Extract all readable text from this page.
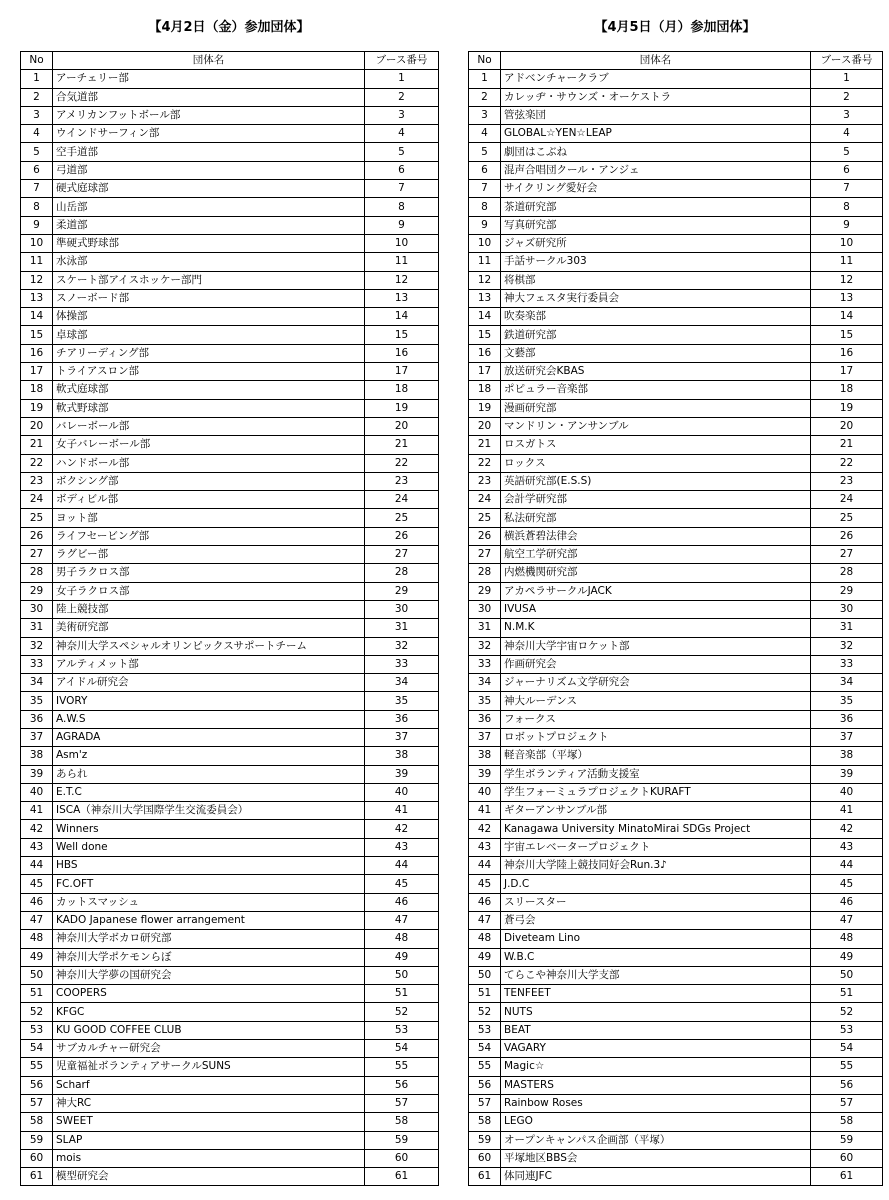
【4月2日（金）参加団体】
No	団体名	ブース番号
1	アーチェリー部	1
2	合気道部	2
3	アメリカンフットボール部	3
4	ウインドサーフィン部	4
5	空手道部	5
6	弓道部	6
7	硬式庭球部	7
8	山岳部	8
9	柔道部	9
10	準硬式野球部	10
11	水泳部	11
12	スケート部アイスホッケー部門	12
13	スノーボード部	13
14	体操部	14
15	卓球部	15
16	チアリーディング部	16
17	トライアスロン部	17
18	軟式庭球部	18
19	軟式野球部	19
20	バレーボール部	20
21	女子バレーボール部	21
22	ハンドボール部	22
23	ボクシング部	23
24	ボディビル部	24
25	ヨット部	25
26	ライフセービング部	26
27	ラグビー部	27
28	男子ラクロス部	28
29	女子ラクロス部	29
30	陸上競技部	30
31	美術研究部	31
32	神奈川大学スペシャルオリンピックスサポートチーム	32
33	アルティメット部	33
34	アイドル研究会	34
35	IVORY	35
36	A.W.S	36
37	AGRADA	37
38	Asm'z	38
39	あられ	39
40	E.T.C	40
41	ISCA（神奈川大学国際学生交流委員会）	41
42	Winners	42
43	Well done	43
44	HBS	44
45	FC.OFT	45
46	カットスマッシュ	46
47	KADO Japanese flower arrangement	47
48	神奈川大学ボカロ研究部	48
49	神奈川大学ポケモンらぼ	49
50	神奈川大学夢の国研究会	50
51	COOPERS	51
52	KFGC	52
53	KU GOOD COFFEE CLUB	53
54	サブカルチャー研究会	54
55	児童福祉ボランティアサークルSUNS	55
56	Scharf	56
57	神大RC	57
58	SWEET	58
59	SLAP	59
60	mois	60
61	模型研究会	61
【4月5日（月）参加団体】
No	団体名	ブース番号
1	アドベンチャークラブ	1
2	カレッヂ・サウンズ・オーケストラ	2
3	管弦楽団	3
4	GLOBAL☆YEN☆LEAP	4
5	劇団はこぶね	5
6	混声合唱団クール・アンジェ	6
7	サイクリング愛好会	7
8	茶道研究部	8
9	写真研究部	9
10	ジャズ研究所	10
11	手話サークル303	11
12	将棋部	12
13	神大フェスタ実行委員会	13
14	吹奏楽部	14
15	鉄道研究部	15
16	文藝部	16
17	放送研究会KBAS	17
18	ポピュラー音楽部	18
19	漫画研究部	19
20	マンドリン・アンサンブル	20
21	ロスガトス	21
22	ロックス	22
23	英語研究部(E.S.S)	23
24	会計学研究部	24
25	私法研究部	25
26	横浜蒼碧法律会	26
27	航空工学研究部	27
28	内燃機関研究部	28
29	アカペラサークルJACK	29
30	IVUSA	30
31	N.M.K	31
32	神奈川大学宇宙ロケット部	32
33	作画研究会	33
34	ジャーナリズム文学研究会	34
35	神大ルーデンス	35
36	フォークス	36
37	ロボットプロジェクト	37
38	軽音楽部（平塚）	38
39	学生ボランティア活動支援室	39
40	学生フォーミュラプロジェクトKURAFT	40
41	ギターアンサンブル部	41
42	Kanagawa University MinatoMirai SDGs Project	42
43	宇宙エレベータープロジェクト	43
44	神奈川大学陸上競技同好会Run.3♪	44
45	J.D.C	45
46	スリースター	46
47	蒼弓会	47
48	Diveteam Lino	48
49	W.B.C	49
50	てらこや神奈川大学支部	50
51	TENFEET	51
52	NUTS	52
53	BEAT	53
54	VAGARY	54
55	Magic☆	55
56	MASTERS	56
57	Rainbow Roses	57
58	LEGO	58
59	オープンキャンパス企画部（平塚）	59
60	平塚地区BBS会	60
61	体同連JFC	61
